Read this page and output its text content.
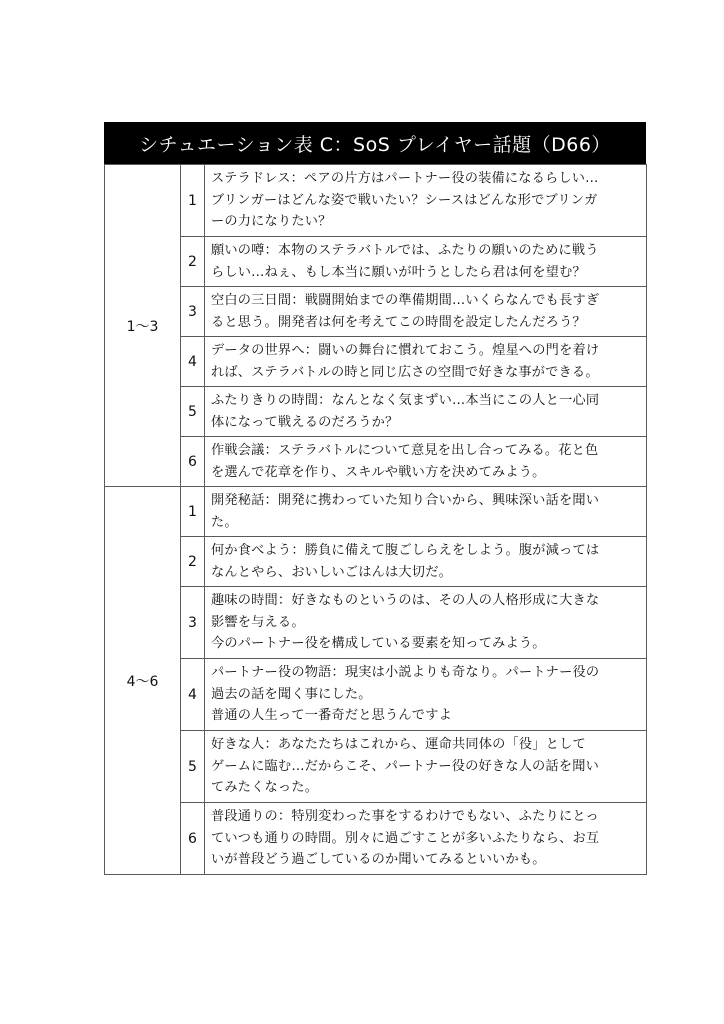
シチュエーション表 C：SoS プレイヤー話題（D66）
1〜3	1	ステラドレス：ペアの片方はパートナー役の装備になるらしい…
ブリンガーはどんな姿で戦いたい？シースはどんな形でブリンガ
ーの力になりたい？

	2	願いの噂：本物のステラバトルでは、ふたりの願いのために戦う
らしい…ねぇ、もし本当に願いが叶うとしたら君は何を望む？

	3	空白の三日間：戦闘開始までの準備期間…いくらなんでも長すぎ
ると思う。開発者は何を考えてこの時間を設定したんだろう？

	4	データの世界へ：闘いの舞台に慣れておこう。煌星への門を着け
れば、ステラバトルの時と同じ広さの空間で好きな事ができる。

	5	ふたりきりの時間：なんとなく気まずい…本当にこの人と一心同
体になって戦えるのだろうか？

	6	作戦会議：ステラバトルについて意見を出し合ってみる。花と色
を選んで花章を作り、スキルや戦い方を決めてみよう。

4〜6	1	開発秘話：開発に携わっていた知り合いから、興味深い話を聞い
た。

	2	何か食べよう：勝負に備えて腹ごしらえをしよう。腹が減っては
なんとやら、おいしいごはんは大切だ。

	3	趣味の時間：好きなものというのは、その人の人格形成に大きな
影響を与える。
今のパートナー役を構成している要素を知ってみよう。

	4	パートナー役の物語：現実は小説よりも奇なり。パートナー役の
過去の話を聞く事にした。
普通の人生って一番奇だと思うんですよ

	5	好きな人：あなたたちはこれから、運命共同体の「役」として
ゲームに臨む…だからこそ、パートナー役の好きな人の話を聞い
てみたくなった。

	6	普段通りの：特別変わった事をするわけでもない、ふたりにとっ
ていつも通りの時間。別々に過ごすことが多いふたりなら、お互
いが普段どう過ごしているのか聞いてみるといいかも。
